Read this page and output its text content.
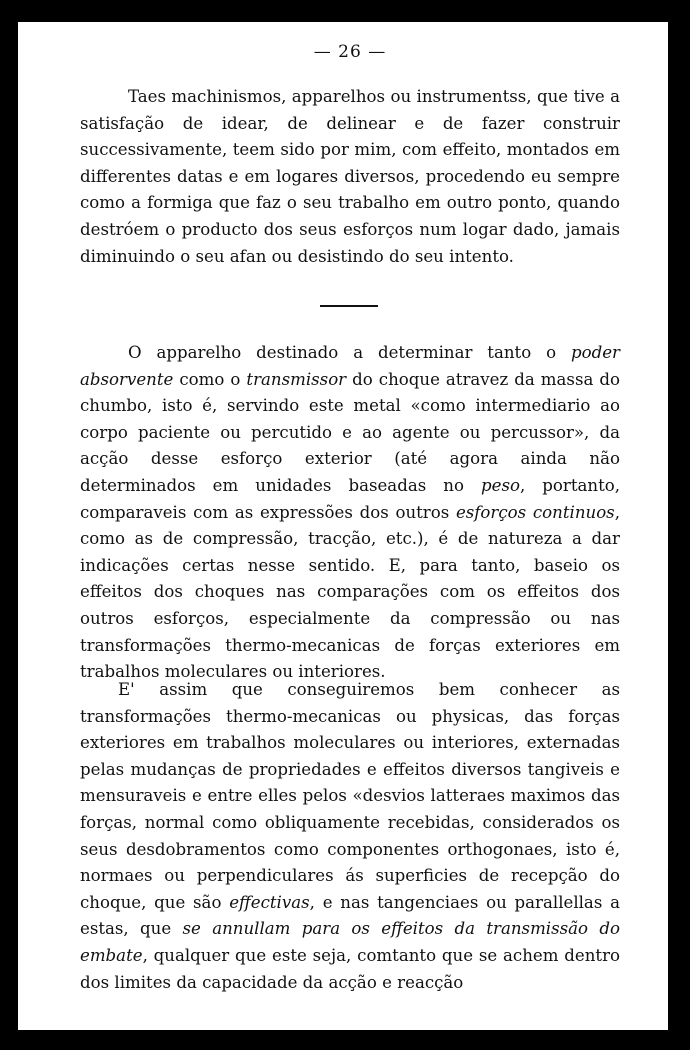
— 26 —

Taes machinismos, apparelhos ou instrumentss, que tive a satisfação de idear, de delinear e de fazer construir successivamente, teem sido por mim, com effeito, montados em differentes datas e em logares diversos, procedendo eu sempre como a formiga que faz o seu trabalho em outro ponto, quando destróem o producto dos seus esforços num logar dado, jamais diminuindo o seu afan ou desistindo do seu intento.

O apparelho destinado a determinar tanto o poder absorvente como o transmissor do choque atravez da massa do chumbo, isto é, servindo este metal «como intermediario ao corpo paciente ou percutido e ao agente ou percussor», da acção desse esforço exterior (até agora ainda não determinados em unidades baseadas no peso, portanto, comparaveis com as expressões dos outros esforços continuos, como as de compressão, tracção, etc.), é de natureza a dar indicações certas nesse sentido. E, para tanto, baseio os effeitos dos choques nas comparações com os effeitos dos outros esforços, especialmente da compressão ou nas transformações thermo-mecanicas de forças exteriores em trabalhos moleculares ou interiores.

E' assim que conseguiremos bem conhecer as transformações thermo-mecanicas ou physicas, das forças exteriores em trabalhos moleculares ou interiores, externadas pelas mudanças de propriedades e effeitos diversos tangiveis e mensuraveis e entre elles pelos «desvios latteraes maximos das forças, normal como obliquamente recebidas, considerados os seus desdobramentos como componentes orthogonaes, isto é, normaes ou perpendiculares ás superficies de recepção do choque, que são effectivas, e nas tangenciaes ou parallellas a estas, que se annullam para os effeitos da transmissão do embate, qualquer que este seja, comtanto que se achem dentro dos limites da capacidade da acção e reacção
